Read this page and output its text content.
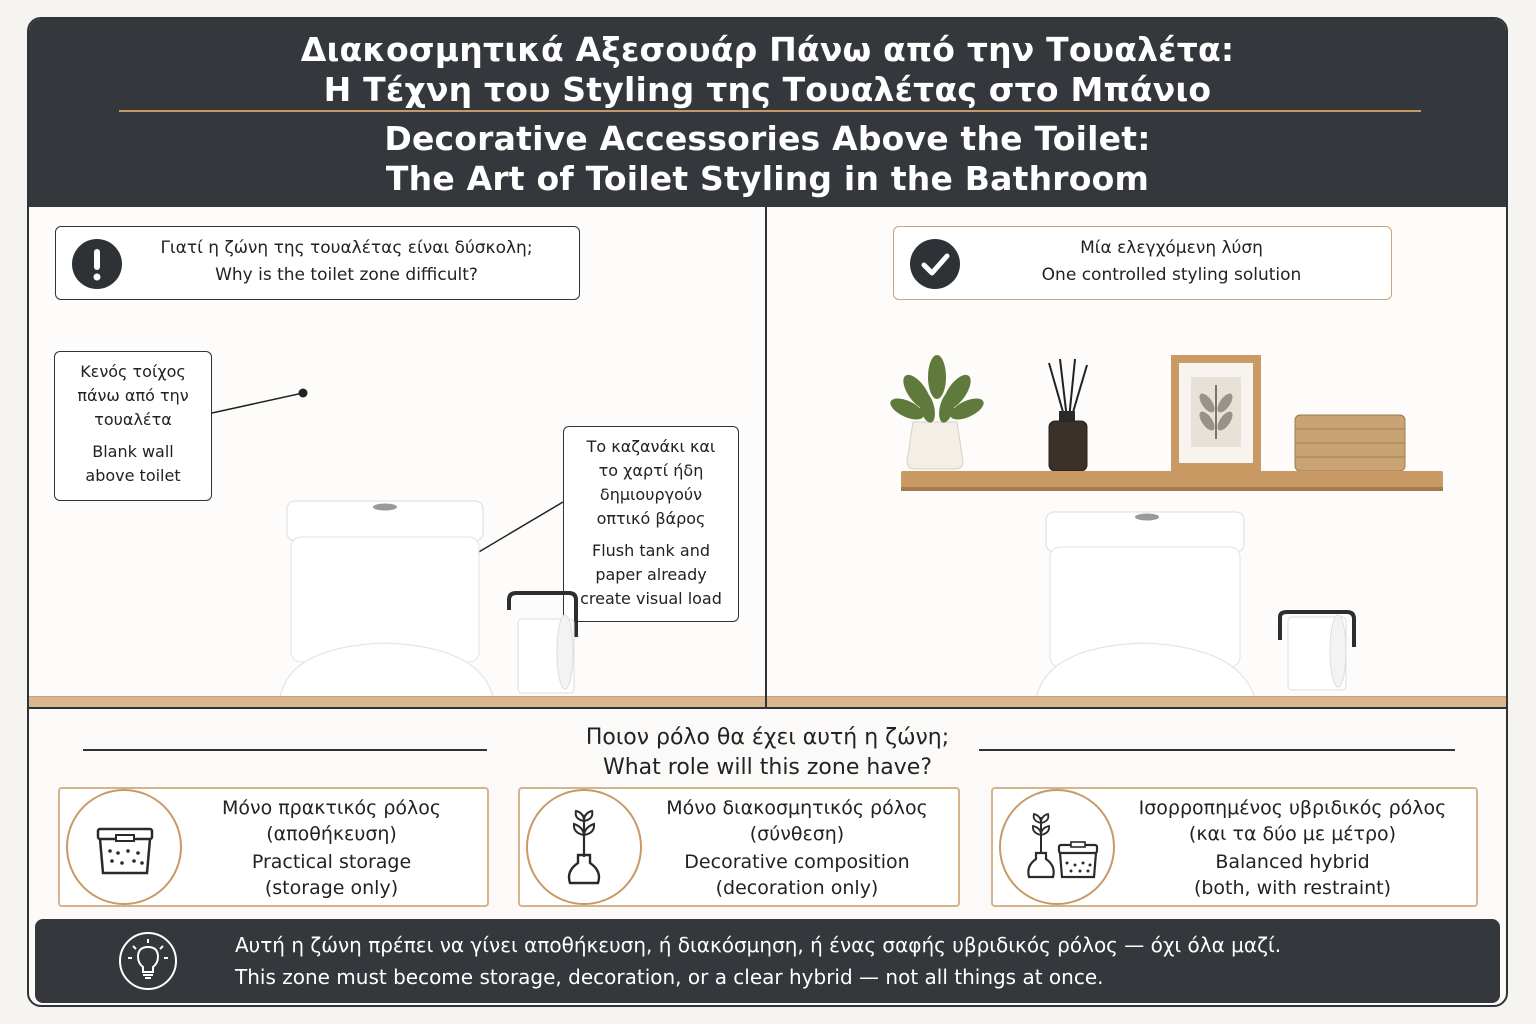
Διακοσμητικά Αξεσουάρ Πάνω από την Τουαλέτα:
Η Τέχνη του Styling της Τουαλέτας στο Μπάνιο
Decorative Accessories Above the Toilet:
The Art of Toilet Styling in the Bathroom
Γιατί η ζώνη της τουαλέτας είναι δύσκολη;
Why is the toilet zone difficult?
Κενός τοίχος
πάνω από την
τουαλέτα
Blank wall
above toilet
Το καζανάκι και
το χαρτί ήδη
δημιουργούν
οπτικό βάρος
Flush tank and
paper already
create visual load
Μία ελεγχόμενη λύση
One controlled styling solution
Ποιον ρόλο θα έχει αυτή η ζώνη;
What role will this zone have?
Μόνο πρακτικός ρόλος
(αποθήκευση)
Practical storage
(storage only)
Μόνο διακοσμητικός ρόλος
(σύνθεση)
Decorative composition
(decoration only)
Ισορροπημένος υβριδικός ρόλος
(και τα δύο με μέτρο)
Balanced hybrid
(both, with restraint)
Αυτή η ζώνη πρέπει να γίνει αποθήκευση, ή διακόσμηση, ή ένας σαφής υβριδικός ρόλος — όχι όλα μαζί.
This zone must become storage, decoration, or a clear hybrid — not all things at once.
